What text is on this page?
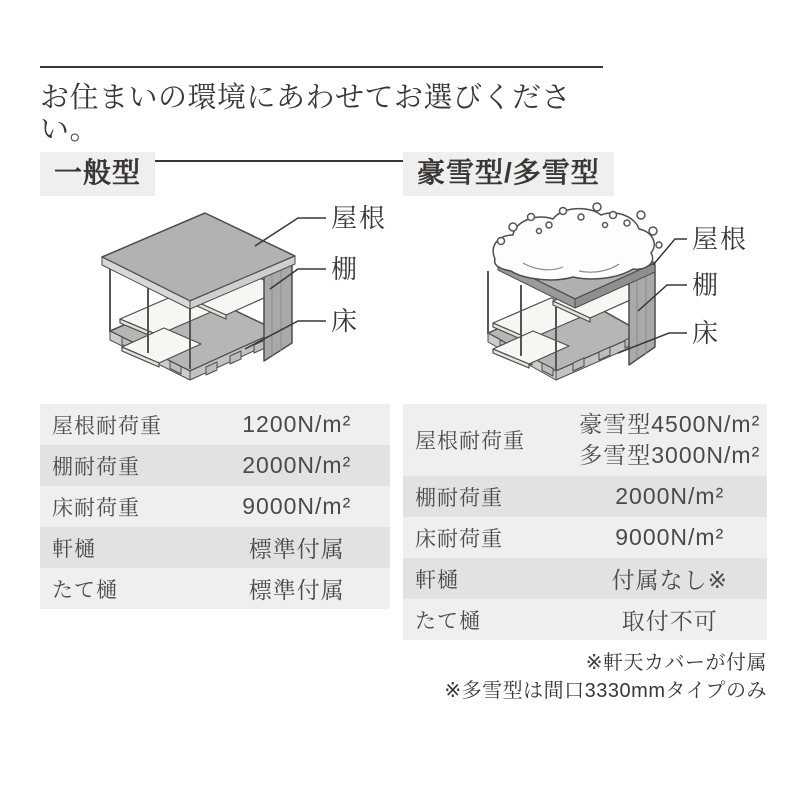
お住まいの環境にあわせてお選びください。
一般型
屋根
棚
床
屋根耐荷重	1200N/m²
棚耐荷重	2000N/m²
床耐荷重	9000N/m²
軒樋	標準付属
たて樋	標準付属
豪雪型/多雪型
屋根
棚
床
屋根耐荷重	豪雪型4500N/m²
多雪型3000N/m²

棚耐荷重	2000N/m²
床耐荷重	9000N/m²
軒樋	付属なし※
たて樋	取付不可
※軒天カバーが付属
※多雪型は間口3330mmタイプのみ
